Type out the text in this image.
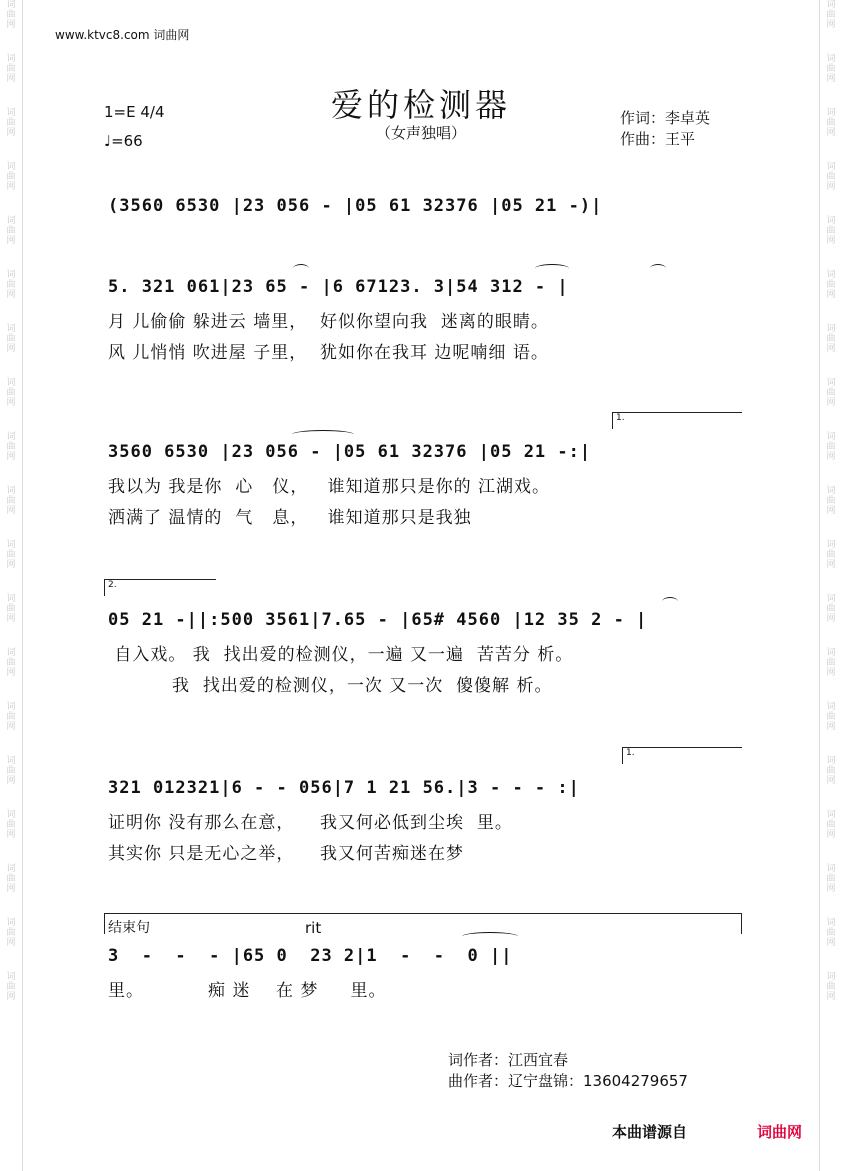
词
曲
网
词
曲
网
词
曲
网
词
曲
网
词
曲
网
词
曲
网
词
曲
网
词
曲
网
词
曲
网
词
曲
网
词
曲
网
词
曲
网
词
曲
网
词
曲
网
词
曲
网
词
曲
网
词
曲
网
词
曲
网
词
曲
网
词
曲
网
词
曲
网
词
曲
网
词
曲
网
词
曲
网
词
曲
网
词
曲
网
词
曲
网
词
曲
网
词
曲
网
词
曲
网
词
曲
网
词
曲
网
词
曲
网
词
曲
网
词
曲
网
词
曲
网
词
曲
网
词
曲
网
www.ktvc8.com 词曲网
1=E 4/4
♩=66
爱的检测器
（女声独唱）
作词：李卓英
作曲：王平
(3560 6530 |23 056 - |05 61 32376 |05 21 -)|
5. 321 061|23 65 - |6 67123. 3|54 312 - |
月 儿偷偷 躲进云 墙里，  好似你望向我  迷离的眼睛。
风 儿悄悄 吹进屋 子里，  犹如你在我耳 边呢喃细 语。
1.
3560 6530 |23 056 - |05 61 32376 |05 21 -:|
我以为 我是你  心   仪，   谁知道那只是你的 江湖戏。
洒满了 温情的  气   息，   谁知道那只是我独
2.
05 21 -||:500 3561|7.65 - |65# 4560 |12 35 2 - |
自入戏。 我  找出爱的检测仪，一遍 又一遍  苦苦分 析。
我  找出爱的检测仪，一次 又一次  傻傻解 析。
1.
321 012321|6 - - 056|7 1 21 56.|3 - - - :|
证明你 没有那么在意，    我又何必低到尘埃  里。
其实你 只是无心之举，    我又何苦痴迷在梦
结束句	rit
3  -  -  - |65 0  23 2|1  -  -  0 ||
里。          痴 迷    在 梦     里。
词作者：江西宜春
曲作者：辽宁盘锦：13604279657
本曲谱源自	词曲网
